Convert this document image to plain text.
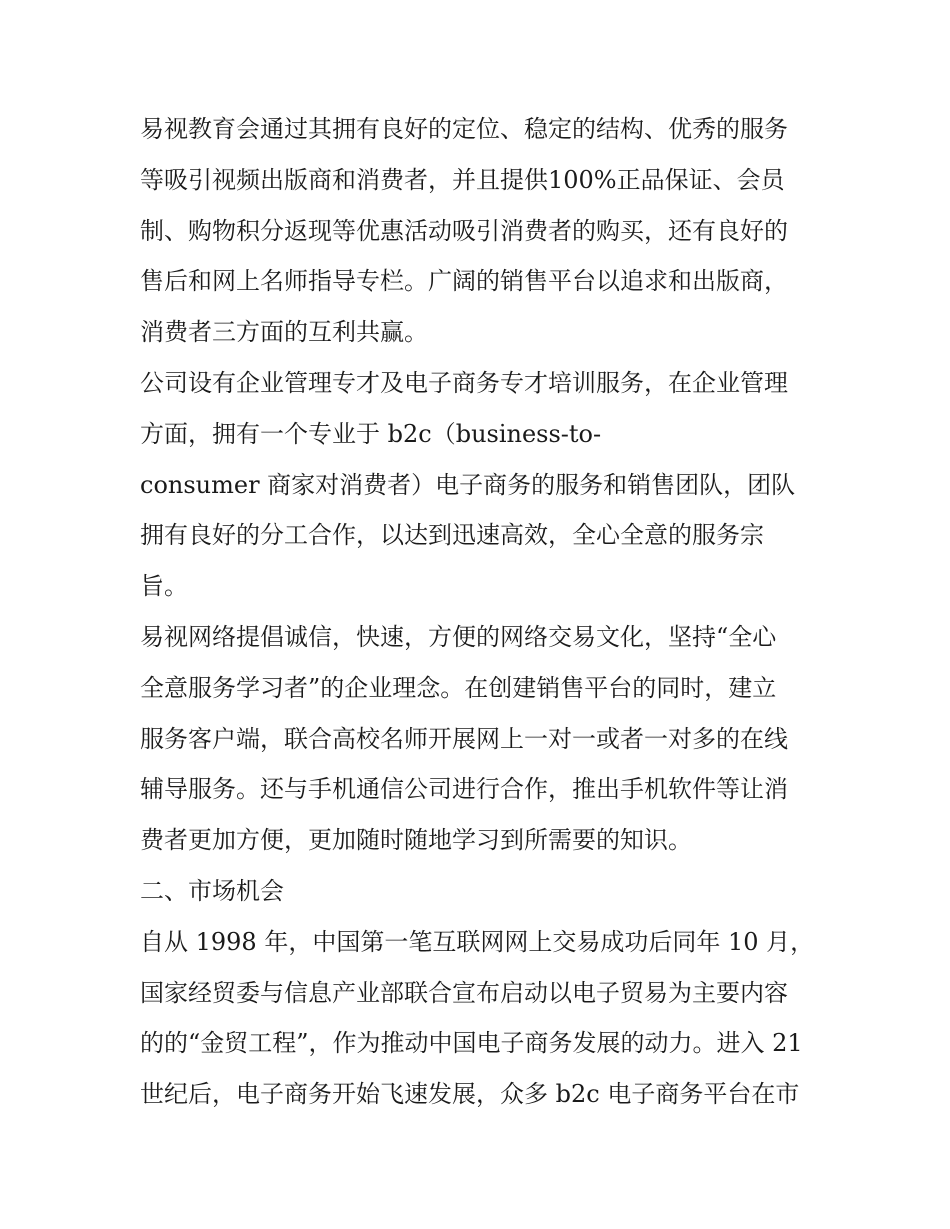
易视教育会通过其拥有良好的定位、稳定的结构、优秀的服务
等吸引视频出版商和消费者，并且提供100%正品保证、会员
制、购物积分返现等优惠活动吸引消费者的购买，还有良好的
售后和网上名师指导专栏。广阔的销售平台以追求和出版商，
消费者三方面的互利共赢。
公司设有企业管理专才及电子商务专才培训服务，在企业管理
方面，拥有一个专业于 b2c（business-to-
consumer 商家对消费者）电子商务的服务和销售团队，团队
拥有良好的分工合作，以达到迅速高效，全心全意的服务宗
旨。
易视网络提倡诚信，快速，方便的网络交易文化，坚持“全心
全意服务学习者”的企业理念。在创建销售平台的同时，建立
服务客户端，联合高校名师开展网上一对一或者一对多的在线
辅导服务。还与手机通信公司进行合作，推出手机软件等让消
费者更加方便，更加随时随地学习到所需要的知识。
二、市场机会
自从 1998 年，中国第一笔互联网网上交易成功后同年 10 月，
国家经贸委与信息产业部联合宣布启动以电子贸易为主要内容
的的“金贸工程”，作为推动中国电子商务发展的动力。进入 21
世纪后，电子商务开始飞速发展，众多 b2c 电子商务平台在市
